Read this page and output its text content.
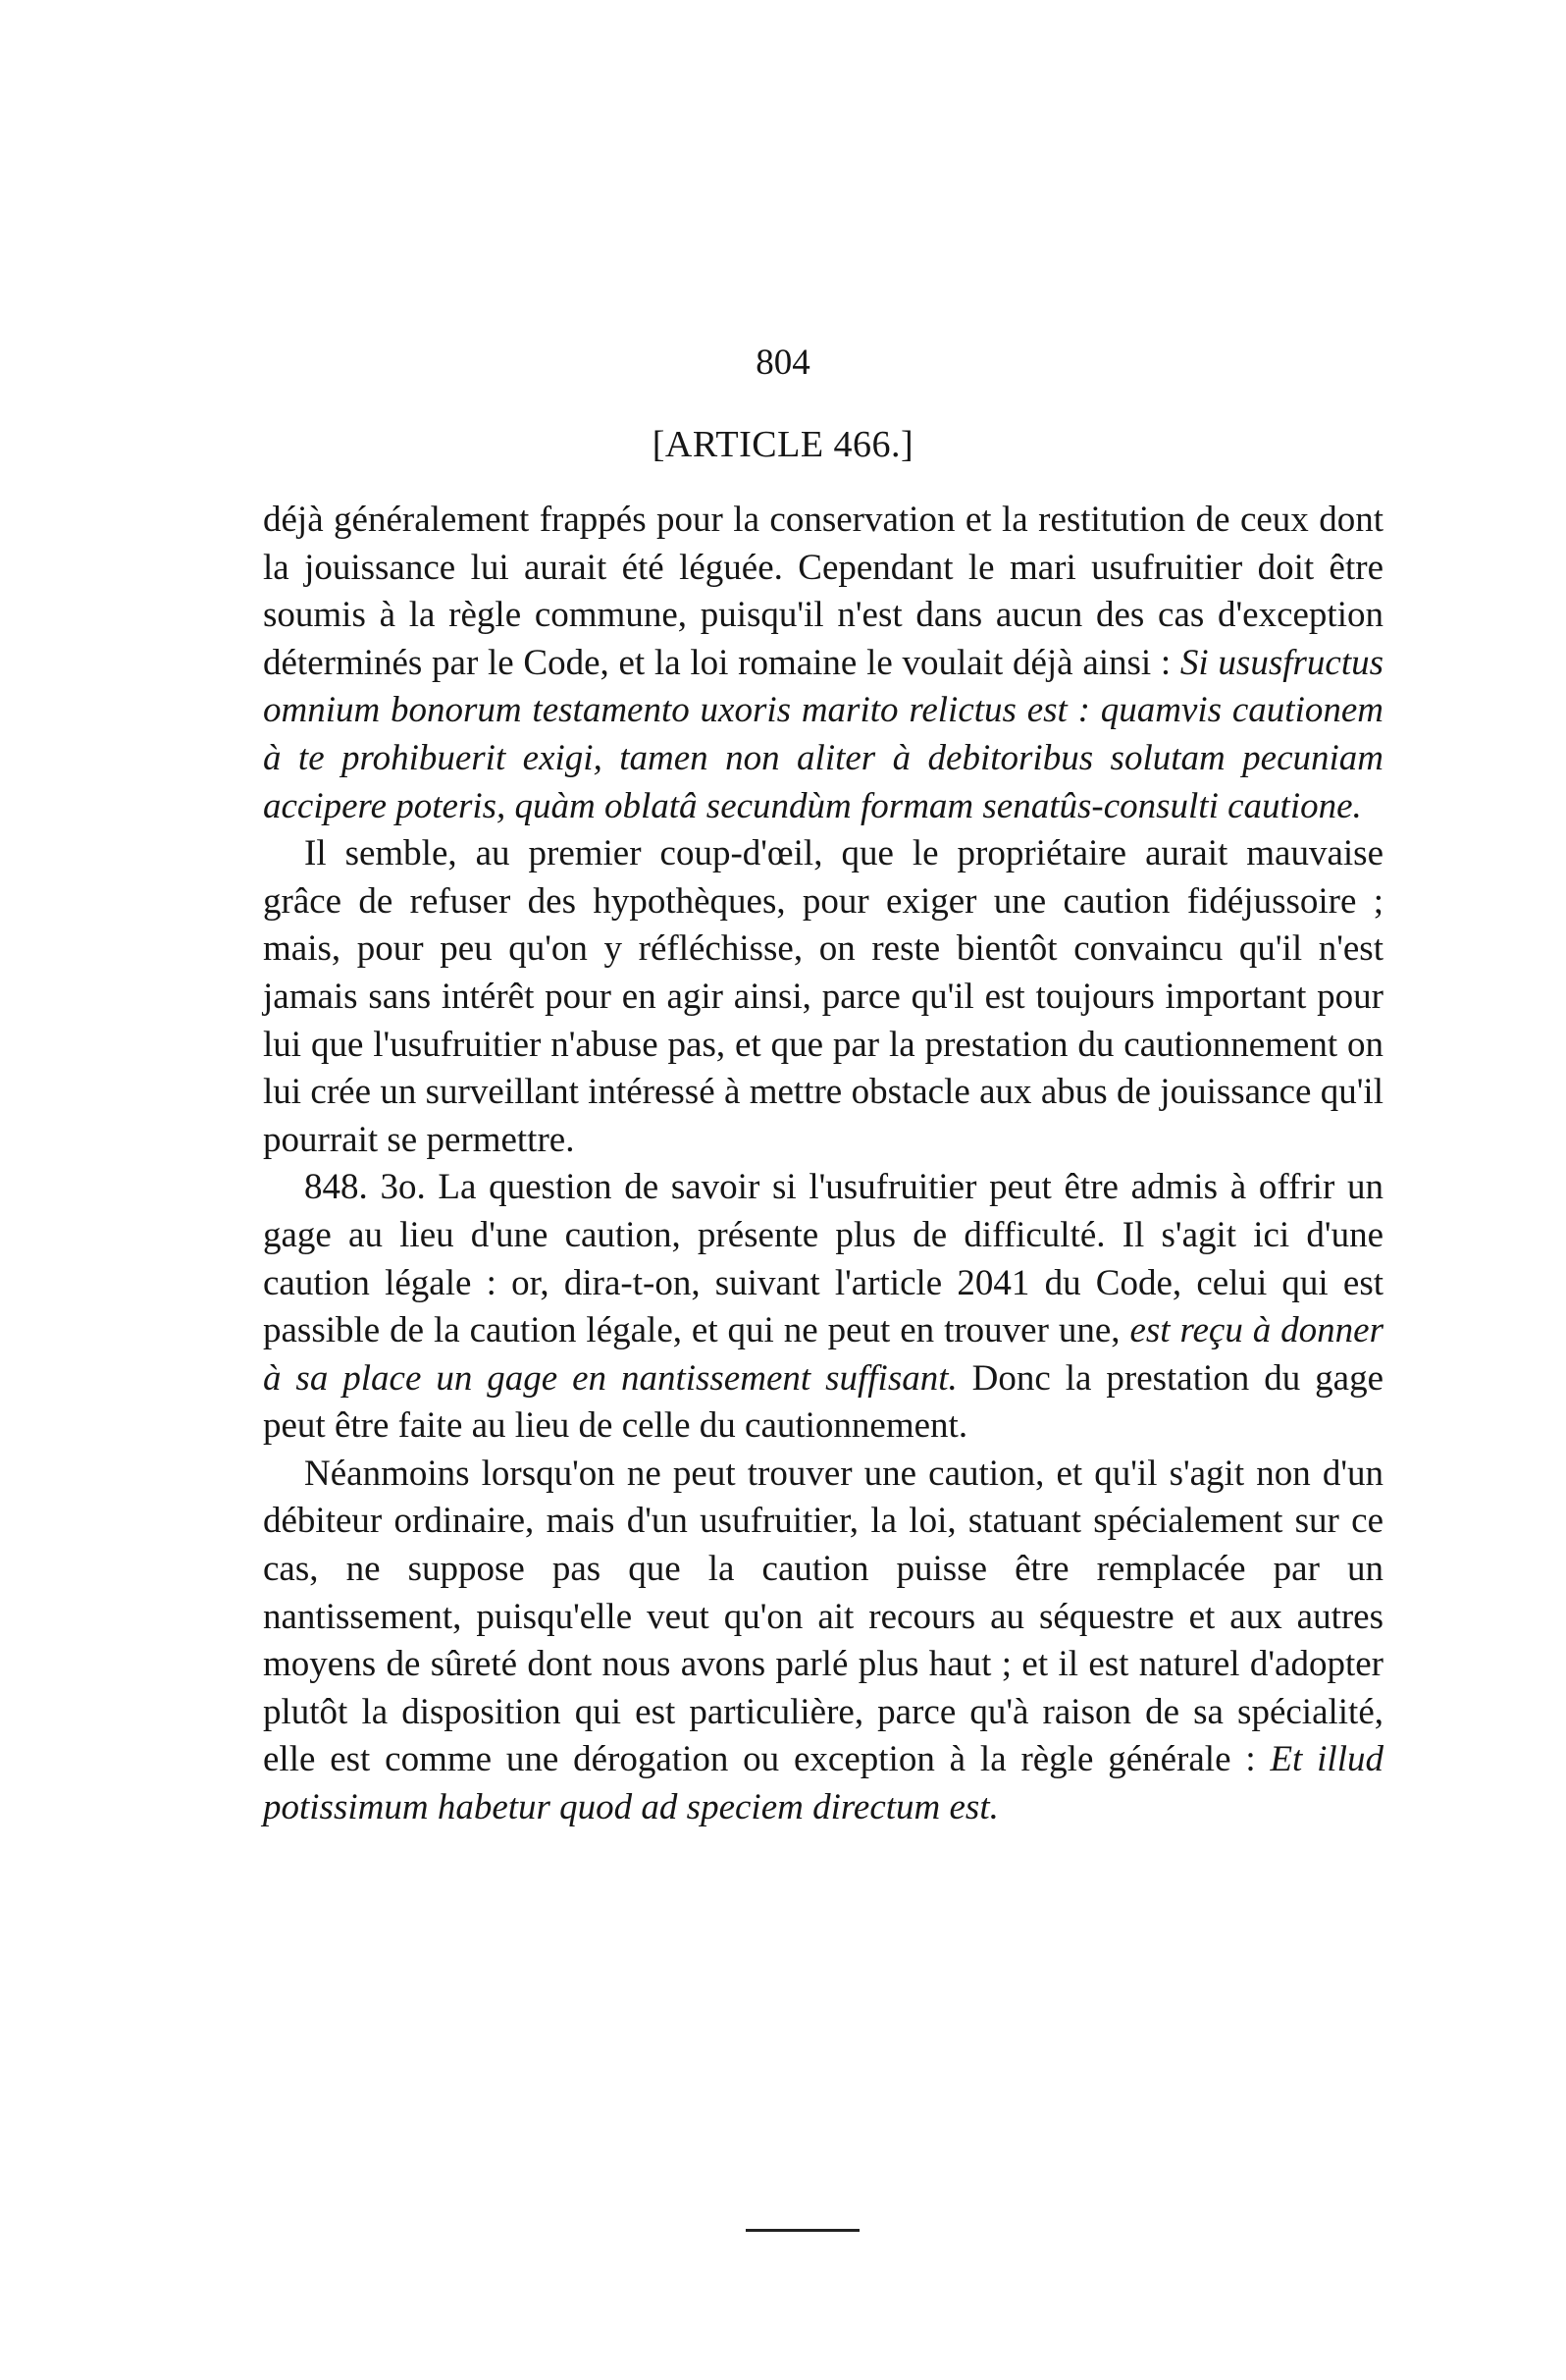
804
[ARTICLE 466.]

déjà généralement frappés pour la conservation et la restitution de ceux dont la jouissance lui aurait été léguée. Cependant le mari usufruitier doit être soumis à la règle commune, puisqu'il n'est dans aucun des cas d'exception déterminés par le Code, et la loi romaine le voulait déjà ainsi : Si ususfructus omnium bonorum testamento uxoris marito relictus est : quamvis cautionem à te prohibuerit exigi, tamen non aliter à debitoribus solutam pecuniam accipere poteris, quàm oblatâ secundùm formam senatûs-consulti cautione.

Il semble, au premier coup-d'œil, que le propriétaire aurait mauvaise grâce de refuser des hypothèques, pour exiger une caution fidéjussoire ; mais, pour peu qu'on y réfléchisse, on reste bientôt convaincu qu'il n'est jamais sans intérêt pour en agir ainsi, parce qu'il est toujours important pour lui que l'usufruitier n'abuse pas, et que par la prestation du cautionnement on lui crée un surveillant intéressé à mettre obstacle aux abus de jouissance qu'il pourrait se permettre.

848. 3o. La question de savoir si l'usufruitier peut être admis à offrir un gage au lieu d'une caution, présente plus de difficulté. Il s'agit ici d'une caution légale : or, dira-t-on, suivant l'article 2041 du Code, celui qui est passible de la caution légale, et qui ne peut en trouver une, est reçu à donner à sa place un gage en nantissement suffisant. Donc la prestation du gage peut être faite au lieu de celle du cautionnement.

Néanmoins lorsqu'on ne peut trouver une caution, et qu'il s'agit non d'un débiteur ordinaire, mais d'un usufruitier, la loi, statuant spécialement sur ce cas, ne suppose pas que la caution puisse être remplacée par un nantissement, puisqu'elle veut qu'on ait recours au séquestre et aux autres moyens de sûreté dont nous avons parlé plus haut ; et il est naturel d'adopter plutôt la disposition qui est particulière, parce qu'à raison de sa spécialité, elle est comme une dérogation ou exception à la règle générale : Et illud potissimum habetur quod ad speciem directum est.
